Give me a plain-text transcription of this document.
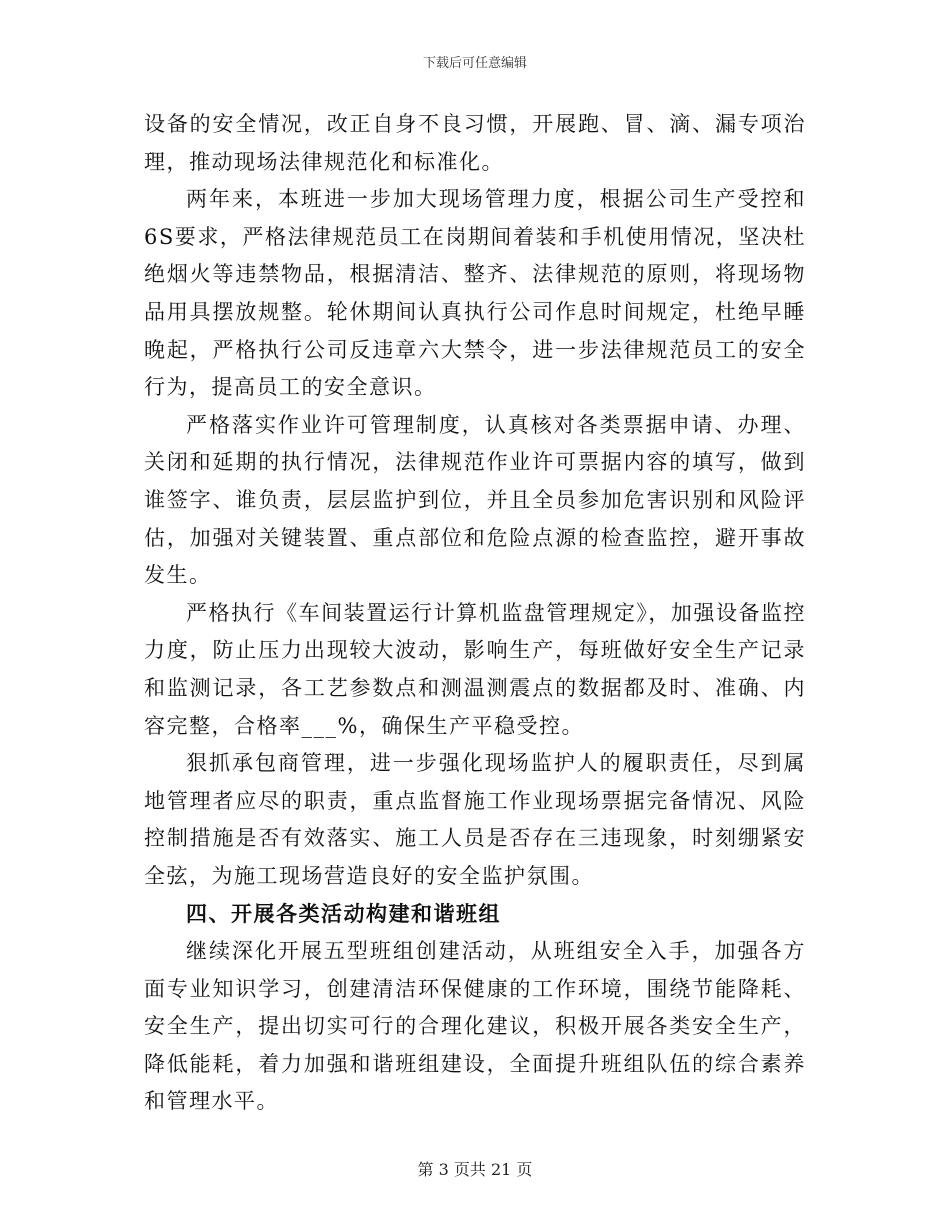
下载后可任意编辑

设备的安全情况，改正自身不良习惯，开展跑、冒、滴、漏专项治理，推动现场法律规范化和标准化。

两年来，本班进一步加大现场管理力度，根据公司生产受控和6S要求，严格法律规范员工在岗期间着装和手机使用情况，坚决杜绝烟火等违禁物品，根据清洁、整齐、法律规范的原则，将现场物品用具摆放规整。轮休期间认真执行公司作息时间规定，杜绝早睡晚起，严格执行公司反违章六大禁令，进一步法律规范员工的安全行为，提高员工的安全意识。

严格落实作业许可管理制度，认真核对各类票据申请、办理、关闭和延期的执行情况，法律规范作业许可票据内容的填写，做到谁签字、谁负责，层层监护到位，并且全员参加危害识别和风险评估，加强对关键装置、重点部位和危险点源的检查监控，避开事故发生。

严格执行《车间装置运行计算机监盘管理规定》，加强设备监控力度，防止压力出现较大波动，影响生产，每班做好安全生产记录和监测记录，各工艺参数点和测温测震点的数据都及时、准确、内容完整，合格率___%，确保生产平稳受控。

狠抓承包商管理，进一步强化现场监护人的履职责任，尽到属地管理者应尽的职责，重点监督施工作业现场票据完备情况、风险控制措施是否有效落实、施工人员是否存在三违现象，时刻绷紧安全弦，为施工现场营造良好的安全监护氛围。

四、开展各类活动构建和谐班组

继续深化开展五型班组创建活动，从班组安全入手，加强各方面专业知识学习，创建清洁环保健康的工作环境，围绕节能降耗、安全生产，提出切实可行的合理化建议，积极开展各类安全生产，降低能耗，着力加强和谐班组建设，全面提升班组队伍的综合素养和管理水平。

第 3 页共 21 页
